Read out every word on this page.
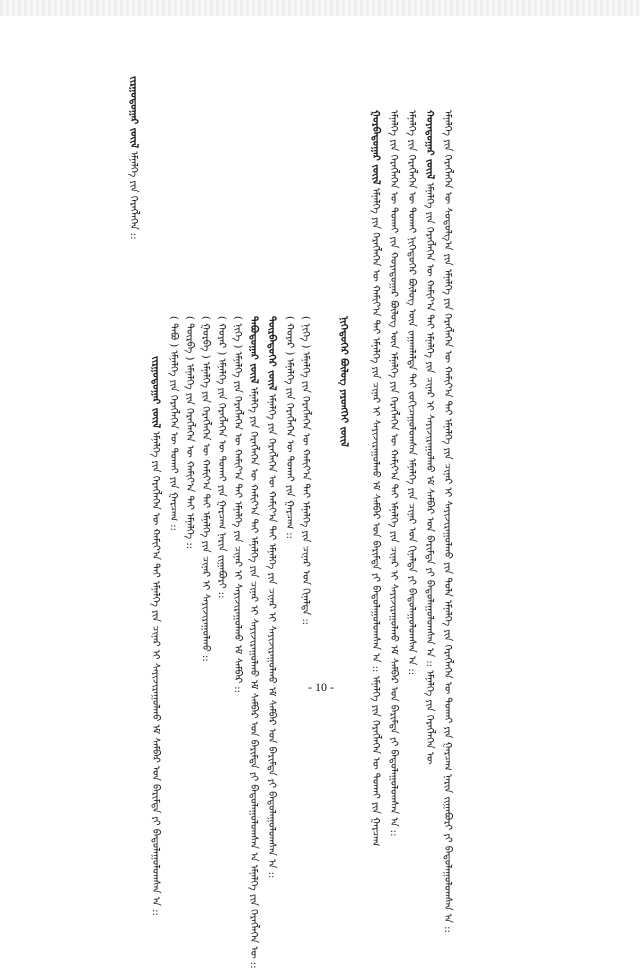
ᠵᠢᠷᠭᠤᠳᠤᠭᠠᠷ ᠵᠦᠢᠯ ᠡᠮᠨᠡᠯᠭᠡ ᠶᠢᠨ ᠬᠡᠷᠡᠭᠯᠡᠭᠡᠨ ::
ᠵᠢᠷᠭᠤᠳᠤᠭᠠᠷ ᠵᠦᠢᠯ ᠡᠮᠨᠡᠯᠭᠡ ᠶᠢᠨ ᠬᠡᠷᠡᠭᠯᠡᠭᠡᠨ ᠦ ᠬᠠᠮᠢᠶ᠎ᠠ ᠲᠠᠢ ᠡᠮᠨᠡᠯᠭᠡ ᠶᠢᠨ ᠴᠢᠨᠠᠷ ᠢ ᠰᠠᠶᠢᠵᠢᠷᠠᠭᠤᠯᠬᠤ ᠡᠮ ᠰᠠᠮᠪᠠᠷ ᠤᠨ ᠪᠠᠷᠢᠮᠲᠠ ᠶᠢ ᠪᠠᠲᠤᠯᠠᠭᠤᠯᠤᠭᠰᠠᠨ ᠠ ::
( ᠲᠠᠪᠤ ) ᠡᠮᠨᠡᠯᠭᠡ ᠶᠢᠨ ᠬᠡᠷᠡᠭᠯᠡᠭᠡᠨ ᠦ ᠲᠤᠬᠠᠢ ᠶᠢᠨ ᠭᠠᠷᠴᠠᠭ :: ( ᠳᠦᠷᠪᠡ ) ᠡᠮᠨᠡᠯᠭᠡ ᠶᠢᠨ ᠬᠡᠷᠡᠭᠯᠡᠭᠡᠨ ᠦ ᠬᠠᠮᠢᠶ᠎ᠠ ᠲᠠᠢ ᠡᠮᠨᠡᠯᠭᠡ :: ( ᠭᠤᠷᠪᠠ ) ᠡᠮᠨᠡᠯᠭᠡ ᠶᠢᠨ ᠬᠡᠷᠡᠭᠯᠡᠭᠡᠨ ᠦ ᠬᠠᠮᠢᠶ᠎ᠠ ᠲᠠᠢ ᠡᠮᠨᠡᠯᠭᠡ ᠶᠢᠨ ᠴᠢᠨᠠᠷ ᠢ ᠰᠠᠶᠢᠵᠢᠷᠠᠭᠤᠯᠬᠤ :: ( ᠬᠤᠶᠠᠷ ) ᠡᠮᠨᠡᠯᠭᠡ ᠶᠢᠨ ᠬᠡᠷᠡᠭᠯᠡᠭᠡᠨ ᠦ ᠲᠤᠬᠠᠢ ᠶᠢᠨ ᠭᠠᠷᠴᠠᠭ ᠨᠠᠷᠢᠨ ᠵᠢᠭᠠᠪᠤᠷᠢ :: ( ᠨᠢᠭᠡ ) ᠡᠮᠨᠡᠯᠭᠡ ᠶᠢᠨ ᠬᠡᠷᠡᠭᠯᠡᠭᠡᠨ ᠦ ᠬᠠᠮᠢᠶ᠎ᠠ ᠲᠠᠢ ᠡᠮᠨᠡᠯᠭᠡ ᠶᠢᠨ ᠴᠢᠨᠠᠷ ᠢ ᠰᠠᠶᠢᠵᠢᠷᠠᠭᠤᠯᠬᠤ ᠡᠮ ᠰᠠᠮᠪᠠᠷ :: ᠲᠠᠪᠤᠳᠤᠭᠠᠷ ᠵᠦᠢᠯ ᠡᠮᠨᠡᠯᠭᠡ ᠶᠢᠨ ᠬᠡᠷᠡᠭᠯᠡᠭᠡᠨ ᠦ ᠬᠠᠮᠢᠶ᠎ᠠ ᠲᠠᠢ ᠡᠮᠨᠡᠯᠭᠡ ᠶᠢᠨ ᠴᠢᠨᠠᠷ ᠢ ᠰᠠᠶᠢᠵᠢᠷᠠᠭᠤᠯᠬᠤ ᠡᠮ ᠰᠠᠮᠪᠠᠷ ᠤᠨ ᠪᠠᠷᠢᠮᠲᠠ ᠶᠢ ᠪᠠᠲᠤᠯᠠᠭᠤᠯᠤᠭᠰᠠᠨ ᠠ ᠡᠮᠨᠡᠯᠭᠡ ᠶᠢᠨ ᠬᠡᠷᠡᠭᠯᠡᠭᠡᠨ ᠦ ::
ᠳᠦᠷᠪᠡᠳᠦᠭᠡᠷ ᠵᠦᠢᠯ ᠡᠮᠨᠡᠯᠭᠡ ᠶᠢᠨ ᠬᠡᠷᠡᠭᠯᠡᠭᠡᠨ ᠦ ᠬᠠᠮᠢᠶ᠎ᠠ ᠲᠠᠢ ᠡᠮᠨᠡᠯᠭᠡ ᠶᠢᠨ ᠴᠢᠨᠠᠷ ᠢ ᠰᠠᠶᠢᠵᠢᠷᠠᠭᠤᠯᠬᠤ ᠡᠮ ᠰᠠᠮᠪᠠᠷ ᠤᠨ ᠪᠠᠷᠢᠮᠲᠠ ᠶᠢ ᠪᠠᠲᠤᠯᠠᠭᠤᠯᠤᠭᠰᠠᠨ ᠠ :: ( ᠬᠤᠶᠠᠷ ) ᠡᠮᠨᠡᠯᠭᠡ ᠶᠢᠨ ᠬᠡᠷᠡᠭᠯᠡᠭᠡᠨ ᠦ ᠲᠤᠬᠠᠢ ᠶᠢᠨ ᠭᠠᠷᠴᠠᠭ :: ( ᠨᠢᠭᠡ ) ᠡᠮᠨᠡᠯᠭᠡ ᠶᠢᠨ ᠬᠡᠷᠡᠭᠯᠡᠭᠡᠨ ᠦ ᠬᠠᠮᠢᠶ᠎ᠠ ᠲᠠᠢ ᠡᠮᠨᠡᠯᠭᠡ ᠶᠢᠨ ᠴᠢᠨᠠᠷ ᠤᠨ ᠬᠢᠨᠠᠯᠲᠠ ::	ᠨᠢᠭᠡᠳᠦᠭᠡᠷ ᠪᠦᠯᠦᠭ ᠶᠡᠷᠦᠩᠬᠡᠢ ᠵᠦᠢᠯ
ᠭᠤᠷᠪᠠᠳᠤᠭᠠᠷ ᠵᠦᠢᠯ ᠡᠮᠨᠡᠯᠭᠡ ᠶᠢᠨ ᠬᠡᠷᠡᠭᠯᠡᠭᠡᠨ ᠦ ᠬᠠᠮᠢᠶ᠎ᠠ ᠲᠠᠢ ᠡᠮᠨᠡᠯᠭᠡ ᠶᠢᠨ ᠴᠢᠨᠠᠷ ᠢ ᠰᠠᠶᠢᠵᠢᠷᠠᠭᠤᠯᠬᠤ ᠡᠮ ᠰᠠᠮᠪᠠᠷ ᠤᠨ ᠪᠠᠷᠢᠮᠲᠠ ᠶᠢ ᠪᠠᠲᠤᠯᠠᠭᠤᠯᠤᠭᠰᠠᠨ ᠠ :: ᠡᠮᠨᠡᠯᠭᠡ ᠶᠢᠨ ᠬᠡᠷᠡᠭᠯᠡᠭᠡᠨ ᠦ ᠲᠤᠬᠠᠢ ᠶᠢᠨ ᠭᠠᠷᠴᠠᠭ ᠡᠮᠨᠡᠯᠭᠡ ᠶᠢᠨ ᠬᠡᠷᠡᠭᠯᠡᠭᠡᠨ ᠦ ᠲᠤᠬᠠᠢ ᠶᠢᠨ ᠬᠤᠶᠠᠳᠤᠭᠠᠷ ᠪᠦᠯᠦᠭ ᠦᠨ ᠡᠮᠨᠡᠯᠭᠡ ᠶᠢᠨ ᠬᠡᠷᠡᠭᠯᠡᠭᠡᠨ ᠦ ᠬᠠᠮᠢᠶ᠎ᠠ ᠲᠠᠢ ᠡᠮᠨᠡᠯᠭᠡ ᠶᠢᠨ ᠴᠢᠨᠠᠷ ᠢ ᠰᠠᠶᠢᠵᠢᠷᠠᠭᠤᠯᠬᠤ ᠡᠮ ᠰᠠᠮᠪᠠᠷ ᠤᠨ ᠪᠠᠷᠢᠮᠲᠠ ᠶᠢ ᠪᠠᠲᠤᠯᠠᠭᠤᠯᠤᠭᠰᠠᠨ ᠠ :: ᠡᠮᠨᠡᠯᠭᠡ ᠶᠢᠨ ᠬᠡᠷᠡᠭᠯᠡᠭᠡᠨ ᠦ ᠲᠤᠬᠠᠢ ᠨᠢᠭᠡᠳᠦᠭᠡᠷ ᠪᠦᠯᠦᠭ ᠦᠨ ᠵᠠᠭᠠᠭᠯᠠᠯᠲᠠ ᠲᠠᠢ ᠵᠤᠬᠢᠴᠠᠭᠤᠯᠤᠭᠰᠠᠨ ᠡᠮᠨᠡᠯᠭᠡ ᠶᠢᠨ ᠴᠢᠨᠠᠷ ᠤᠨ ᠬᠢᠨᠠᠯᠲᠠ ᠶᠢ ᠪᠠᠲᠤᠯᠠᠭᠤᠯᠤᠭᠰᠠᠨ ᠠ :: ᠬᠤᠶᠠᠳᠤᠭᠠᠷ ᠵᠦᠢᠯ ᠡᠮᠨᠡᠯᠭᠡ ᠶᠢᠨ ᠬᠡᠷᠡᠭᠯᠡᠭᠡᠨ ᠦ ᠬᠠᠮᠢᠶ᠎ᠠ ᠲᠠᠢ ᠡᠮᠨᠡᠯᠭᠡ ᠶᠢᠨ ᠴᠢᠨᠠᠷ ᠢ ᠰᠠᠶᠢᠵᠢᠷᠠᠭᠤᠯᠬᠤ ᠡᠮ ᠰᠠᠮᠪᠠᠷ ᠤᠨ ᠪᠠᠷᠢᠮᠲᠠ ᠶᠢ ᠪᠠᠲᠤᠯᠠᠭᠤᠯᠤᠭᠰᠠᠨ ᠠ :: ᠡᠮᠨᠡᠯᠭᠡ ᠶᠢᠨ ᠬᠡᠷᠡᠭᠯᠡᠭᠡᠨ ᠦ ᠡᠮᠨᠡᠯᠭᠡ ᠶᠢᠨ ᠬᠡᠷᠡᠭᠯᠡᠭᠡᠨ ᠦ ᠰᠤᠳᠤᠯᠭ᠎ᠠ ᠶᠢᠨ ᠡᠮᠨᠡᠯᠭᠡ ᠶᠢᠨ ᠬᠡᠷᠡᠭᠯᠡᠭᠡᠨ ᠦ ᠬᠠᠮᠢᠶ᠎ᠠ ᠲᠠᠢ ᠡᠮᠨᠡᠯᠭᠡ ᠶᠢᠨ ᠴᠢᠨᠠᠷ ᠢ ᠰᠠᠶᠢᠵᠢᠷᠠᠭᠤᠯᠬᠤ ᠶᠢᠨ ᠲᠤᠯᠠ ᠡᠮᠨᠡᠯᠭᠡ ᠶᠢᠨ ᠬᠡᠷᠡᠭᠯᠡᠭᠡᠨ ᠦ ᠲᠤᠬᠠᠢ ᠶᠢᠨ ᠭᠠᠷᠴᠠᠭ ᠨᠠᠷᠢᠨ ᠵᠢᠭᠠᠪᠤᠷᠢ ᠶᠢ ᠪᠠᠲᠤᠯᠠᠭᠤᠯᠤᠭᠰᠠᠨ ᠠ ::
- 10 -
